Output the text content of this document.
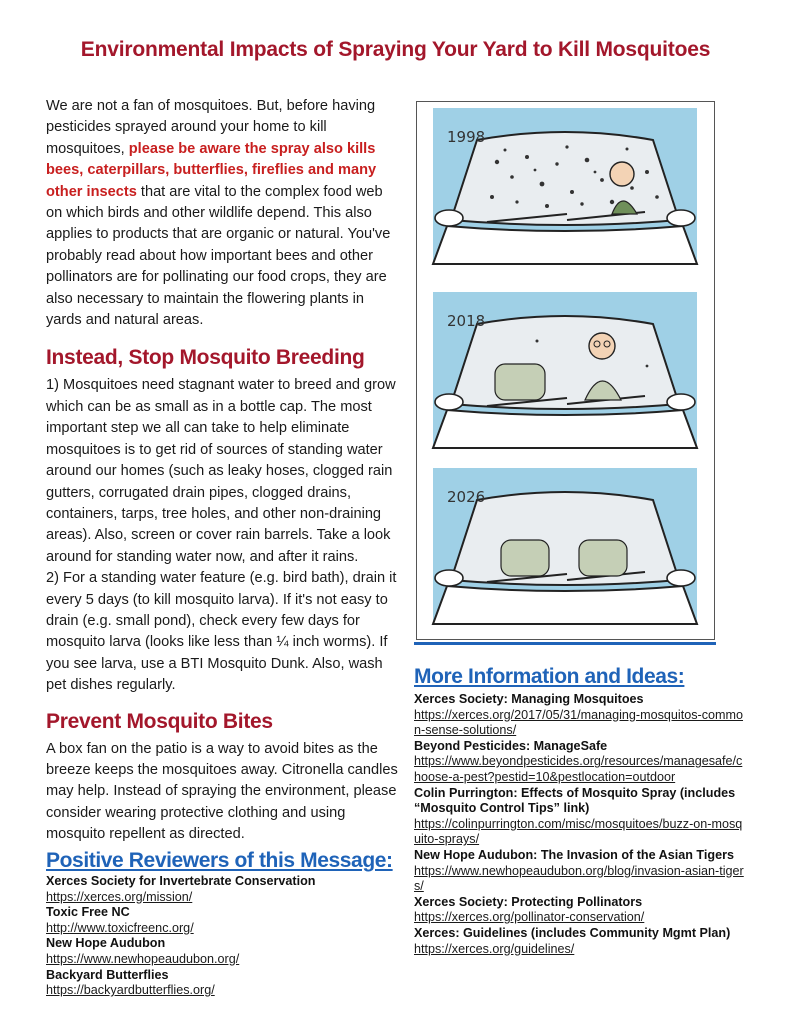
Environmental Impacts of Spraying Your Yard to Kill Mosquitoes

We are not a fan of mosquitoes. But, before having pesticides sprayed around your home to kill mosquitoes, please be aware the spray also kills bees, caterpillars, butterflies, fireflies and many other insects that are vital to the complex food web on which birds and other wildlife depend. This also applies to products that are organic or natural. You've probably read about how important bees and other pollinators are for pollinating our food crops, they are also necessary to maintain the flowering plants in yards and natural areas.

Instead, Stop Mosquito Breeding

1) Mosquitoes need stagnant water to breed and grow which can be as small as in a bottle cap. The most important step we all can take to help eliminate mosquitoes is to get rid of sources of standing water around our homes (such as leaky hoses, clogged rain gutters, corrugated drain pipes, clogged drains, containers, tarps, tree holes, and other non-draining areas). Also, screen or cover rain barrels. Take a look around for standing water now, and after it rains.

2) For a standing water feature (e.g. bird bath), drain it every 5 days (to kill mosquito larva). If it's not easy to drain (e.g. small pond), check every few days for mosquito larva (looks like less than ¼ inch worms). If you see larva, use a BTI Mosquito Dunk. Also, wash pet dishes regularly.

Prevent Mosquito Bites

A box fan on the patio is a way to avoid bites as the breeze keeps the mosquitoes away. Citronella candles may help. Instead of spraying the environment, please consider wearing protective clothing and using mosquito repellent as directed.

Positive Reviewers of this Message:
Xerces Society for Invertebrate Conservation
https://xerces.org/mission/
Toxic Free NC
http://www.toxicfreenc.org/
New Hope Audubon
https://www.newhopeaudubon.org/
Backyard Butterflies
https://backyardbutterflies.org/
1998
2018
2026
More Information and Ideas:
Xerces Society: Managing Mosquitoes
https://xerces.org/2017/05/31/managing-mosquitos-common-sense-solutions/
Beyond Pesticides: ManageSafe
https://www.beyondpesticides.org/resources/managesafe/choose-a-pest?pestid=10&pestlocation=outdoor
Colin Purrington: Effects of Mosquito Spray (includes “Mosquito Control Tips” link)
https://colinpurrington.com/misc/mosquitoes/buzz-on-mosquito-sprays/
New Hope Audubon: The Invasion of the Asian Tigers
https://www.newhopeaudubon.org/blog/invasion-asian-tigers/
Xerces Society: Protecting Pollinators
https://xerces.org/pollinator-conservation/
Xerces: Guidelines (includes Community Mgmt Plan)
https://xerces.org/guidelines/
